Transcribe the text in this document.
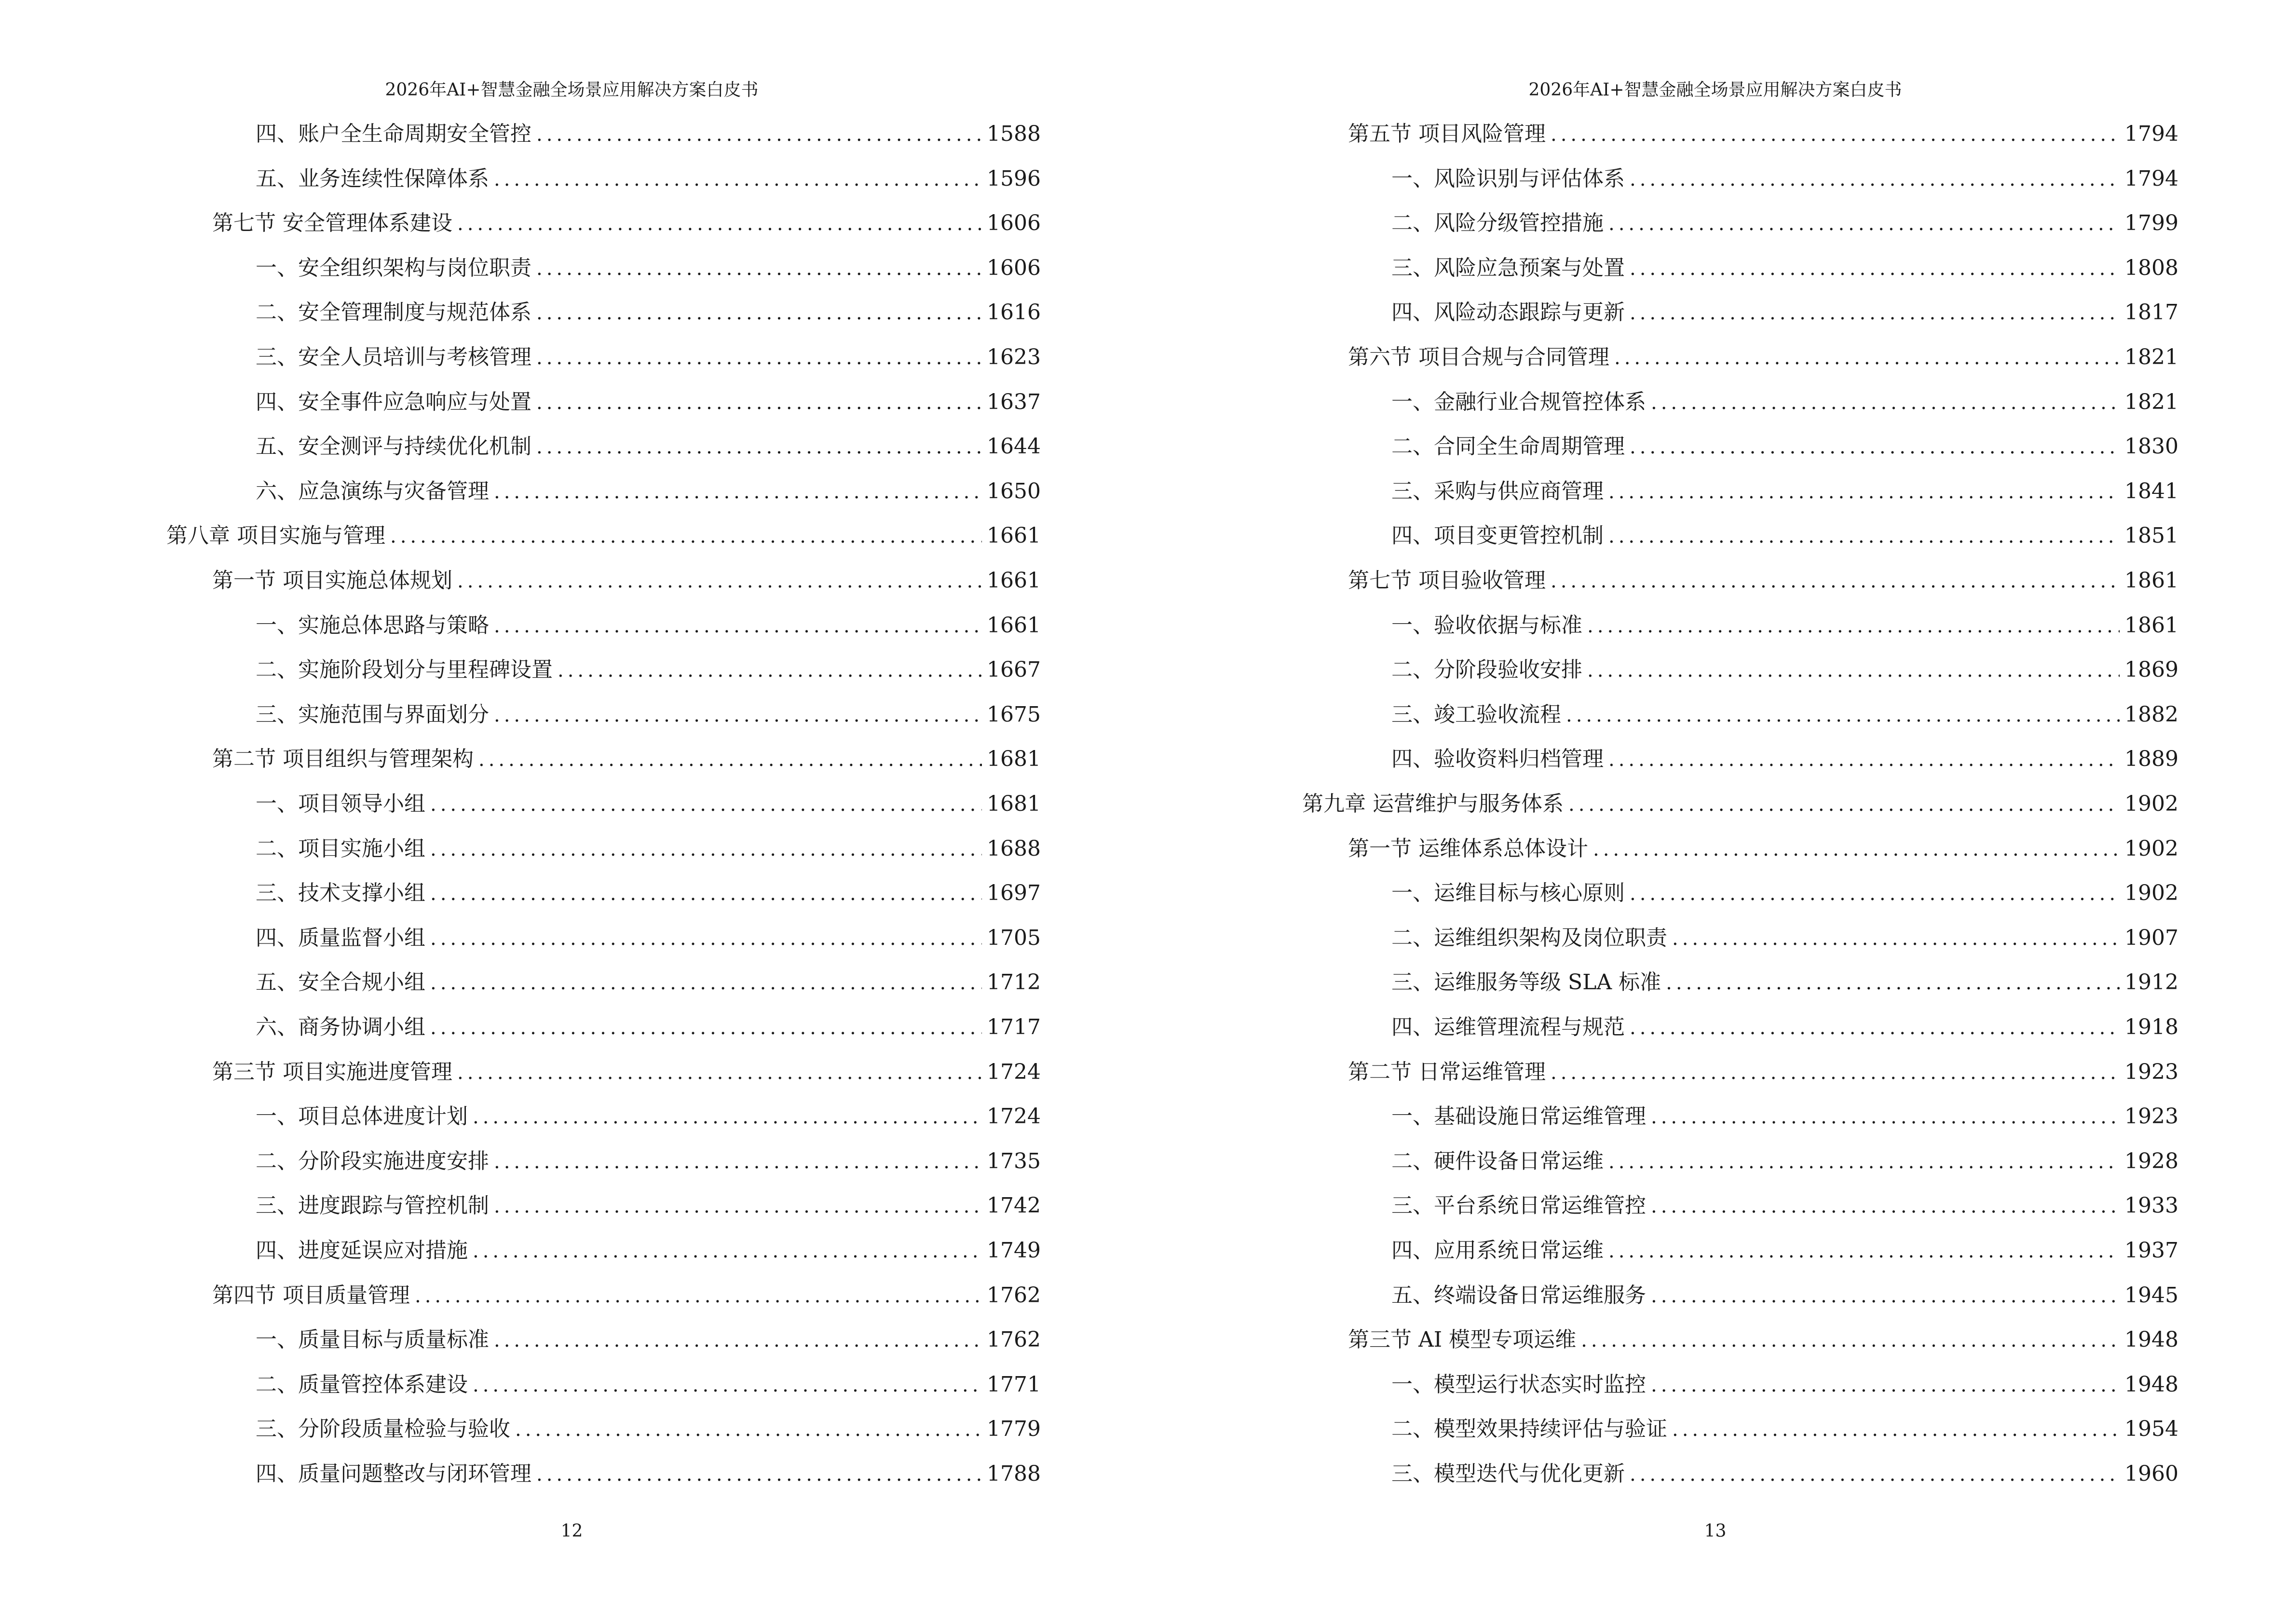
2026年AI+智慧金融全场景应用解决方案白皮书
四、账户全生命周期安全管控 .....	1588
五、业务连续性保障体系 .....	1596
第七节 安全管理体系建设 .....	1606
一、安全组织架构与岗位职责 .....	1606
二、安全管理制度与规范体系 .....	1616
三、安全人员培训与考核管理 .....	1623
四、安全事件应急响应与处置 .....	1637
五、安全测评与持续优化机制 .....	1644
六、应急演练与灾备管理 .....	1650
第八章 项目实施与管理 .....	1661
第一节 项目实施总体规划 .....	1661
一、实施总体思路与策略 .....	1661
二、实施阶段划分与里程碑设置 .....	1667
三、实施范围与界面划分 .....	1675
第二节 项目组织与管理架构 .....	1681
一、项目领导小组 .....	1681
二、项目实施小组 .....	1688
三、技术支撑小组 .....	1697
四、质量监督小组 .....	1705
五、安全合规小组 .....	1712
六、商务协调小组 .....	1717
第三节 项目实施进度管理 .....	1724
一、项目总体进度计划 .....	1724
二、分阶段实施进度安排 .....	1735
三、进度跟踪与管控机制 .....	1742
四、进度延误应对措施 .....	1749
第四节 项目质量管理 .....	1762
一、质量目标与质量标准 .....	1762
二、质量管控体系建设 .....	1771
三、分阶段质量检验与验收 .....	1779
四、质量问题整改与闭环管理 .....	1788
12
2026年AI+智慧金融全场景应用解决方案白皮书
第五节 项目风险管理 .....	1794
一、风险识别与评估体系 .....	1794
二、风险分级管控措施 .....	1799
三、风险应急预案与处置 .....	1808
四、风险动态跟踪与更新 .....	1817
第六节 项目合规与合同管理 .....	1821
一、金融行业合规管控体系 .....	1821
二、合同全生命周期管理 .....	1830
三、采购与供应商管理 .....	1841
四、项目变更管控机制 .....	1851
第七节 项目验收管理 .....	1861
一、验收依据与标准 .....	1861
二、分阶段验收安排 .....	1869
三、竣工验收流程 .....	1882
四、验收资料归档管理 .....	1889
第九章 运营维护与服务体系 .....	1902
第一节 运维体系总体设计 .....	1902
一、运维目标与核心原则 .....	1902
二、运维组织架构及岗位职责 .....	1907
三、运维服务等级 SLA 标准 .....	1912
四、运维管理流程与规范 .....	1918
第二节 日常运维管理 .....	1923
一、基础设施日常运维管理 .....	1923
二、硬件设备日常运维 .....	1928
三、平台系统日常运维管控 .....	1933
四、应用系统日常运维 .....	1937
五、终端设备日常运维服务 .....	1945
第三节 AI 模型专项运维 .....	1948
一、模型运行状态实时监控 .....	1948
二、模型效果持续评估与验证 .....	1954
三、模型迭代与优化更新 .....	1960
13
